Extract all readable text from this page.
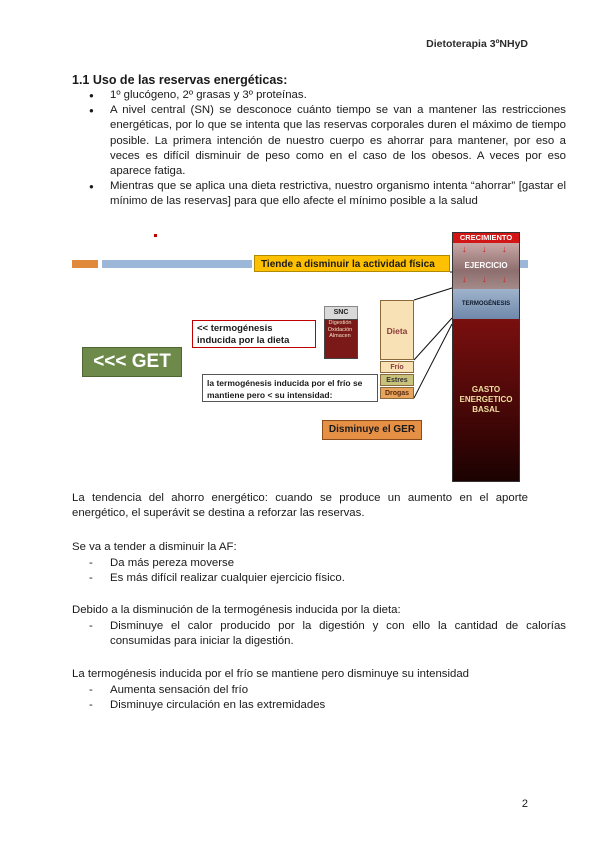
Dietoterapia 3ºNHyD
1.1 Uso de las reservas energéticas:
● 1º glucógeno, 2º grasas y 3º proteínas.
● A nivel central (SN) se desconoce cuánto tiempo se van a mantener las restricciones energéticas, por lo que se intenta que las reservas corporales duren el máximo de tiempo posible. La primera intención de nuestro cuerpo es ahorrar para mantener, por eso a veces es difícil disminuir de peso como en el caso de los obesos. A veces por eso aparece fatiga.
● Mientras que se aplica una dieta restrictiva, nuestro organismo intenta “ahorrar” [gastar el mínimo de las reservas] para que ello afecte el mínimo posible a la salud
Tiende a disminuir la actividad física
<<< GET
<< termogénesis inducida por la dieta
la termogénesis inducida por el frío se mantiene pero < su intensidad:
SNC
Digestión Oxidación Almacen	Dieta
Frío
Estres
Drogas
Disminuye el GER
CRECIMIENTO
EJERCICIO
↓ ↓ ↓
↓ ↓ ↓
TERMOGÉNESIS
GASTO
ENERGETICO
BASAL

La tendencia del ahorro energético: cuando se produce un aumento en el aporte energético, el superávit se destina a reforzar las reservas.

Se va a tender a disminuir la AF:

- Da más pereza moverse
- Es más difícil realizar cualquier ejercicio físico.

Debido a la disminución de la termogénesis inducida por la dieta:

- Disminuye el calor producido por la digestión y con ello la cantidad de calorías consumidas para iniciar la digestión.

La termogénesis inducida por el frío se mantiene pero disminuye su intensidad

- Aumenta sensación del frío
- Disminuye circulación en las extremidades
2
